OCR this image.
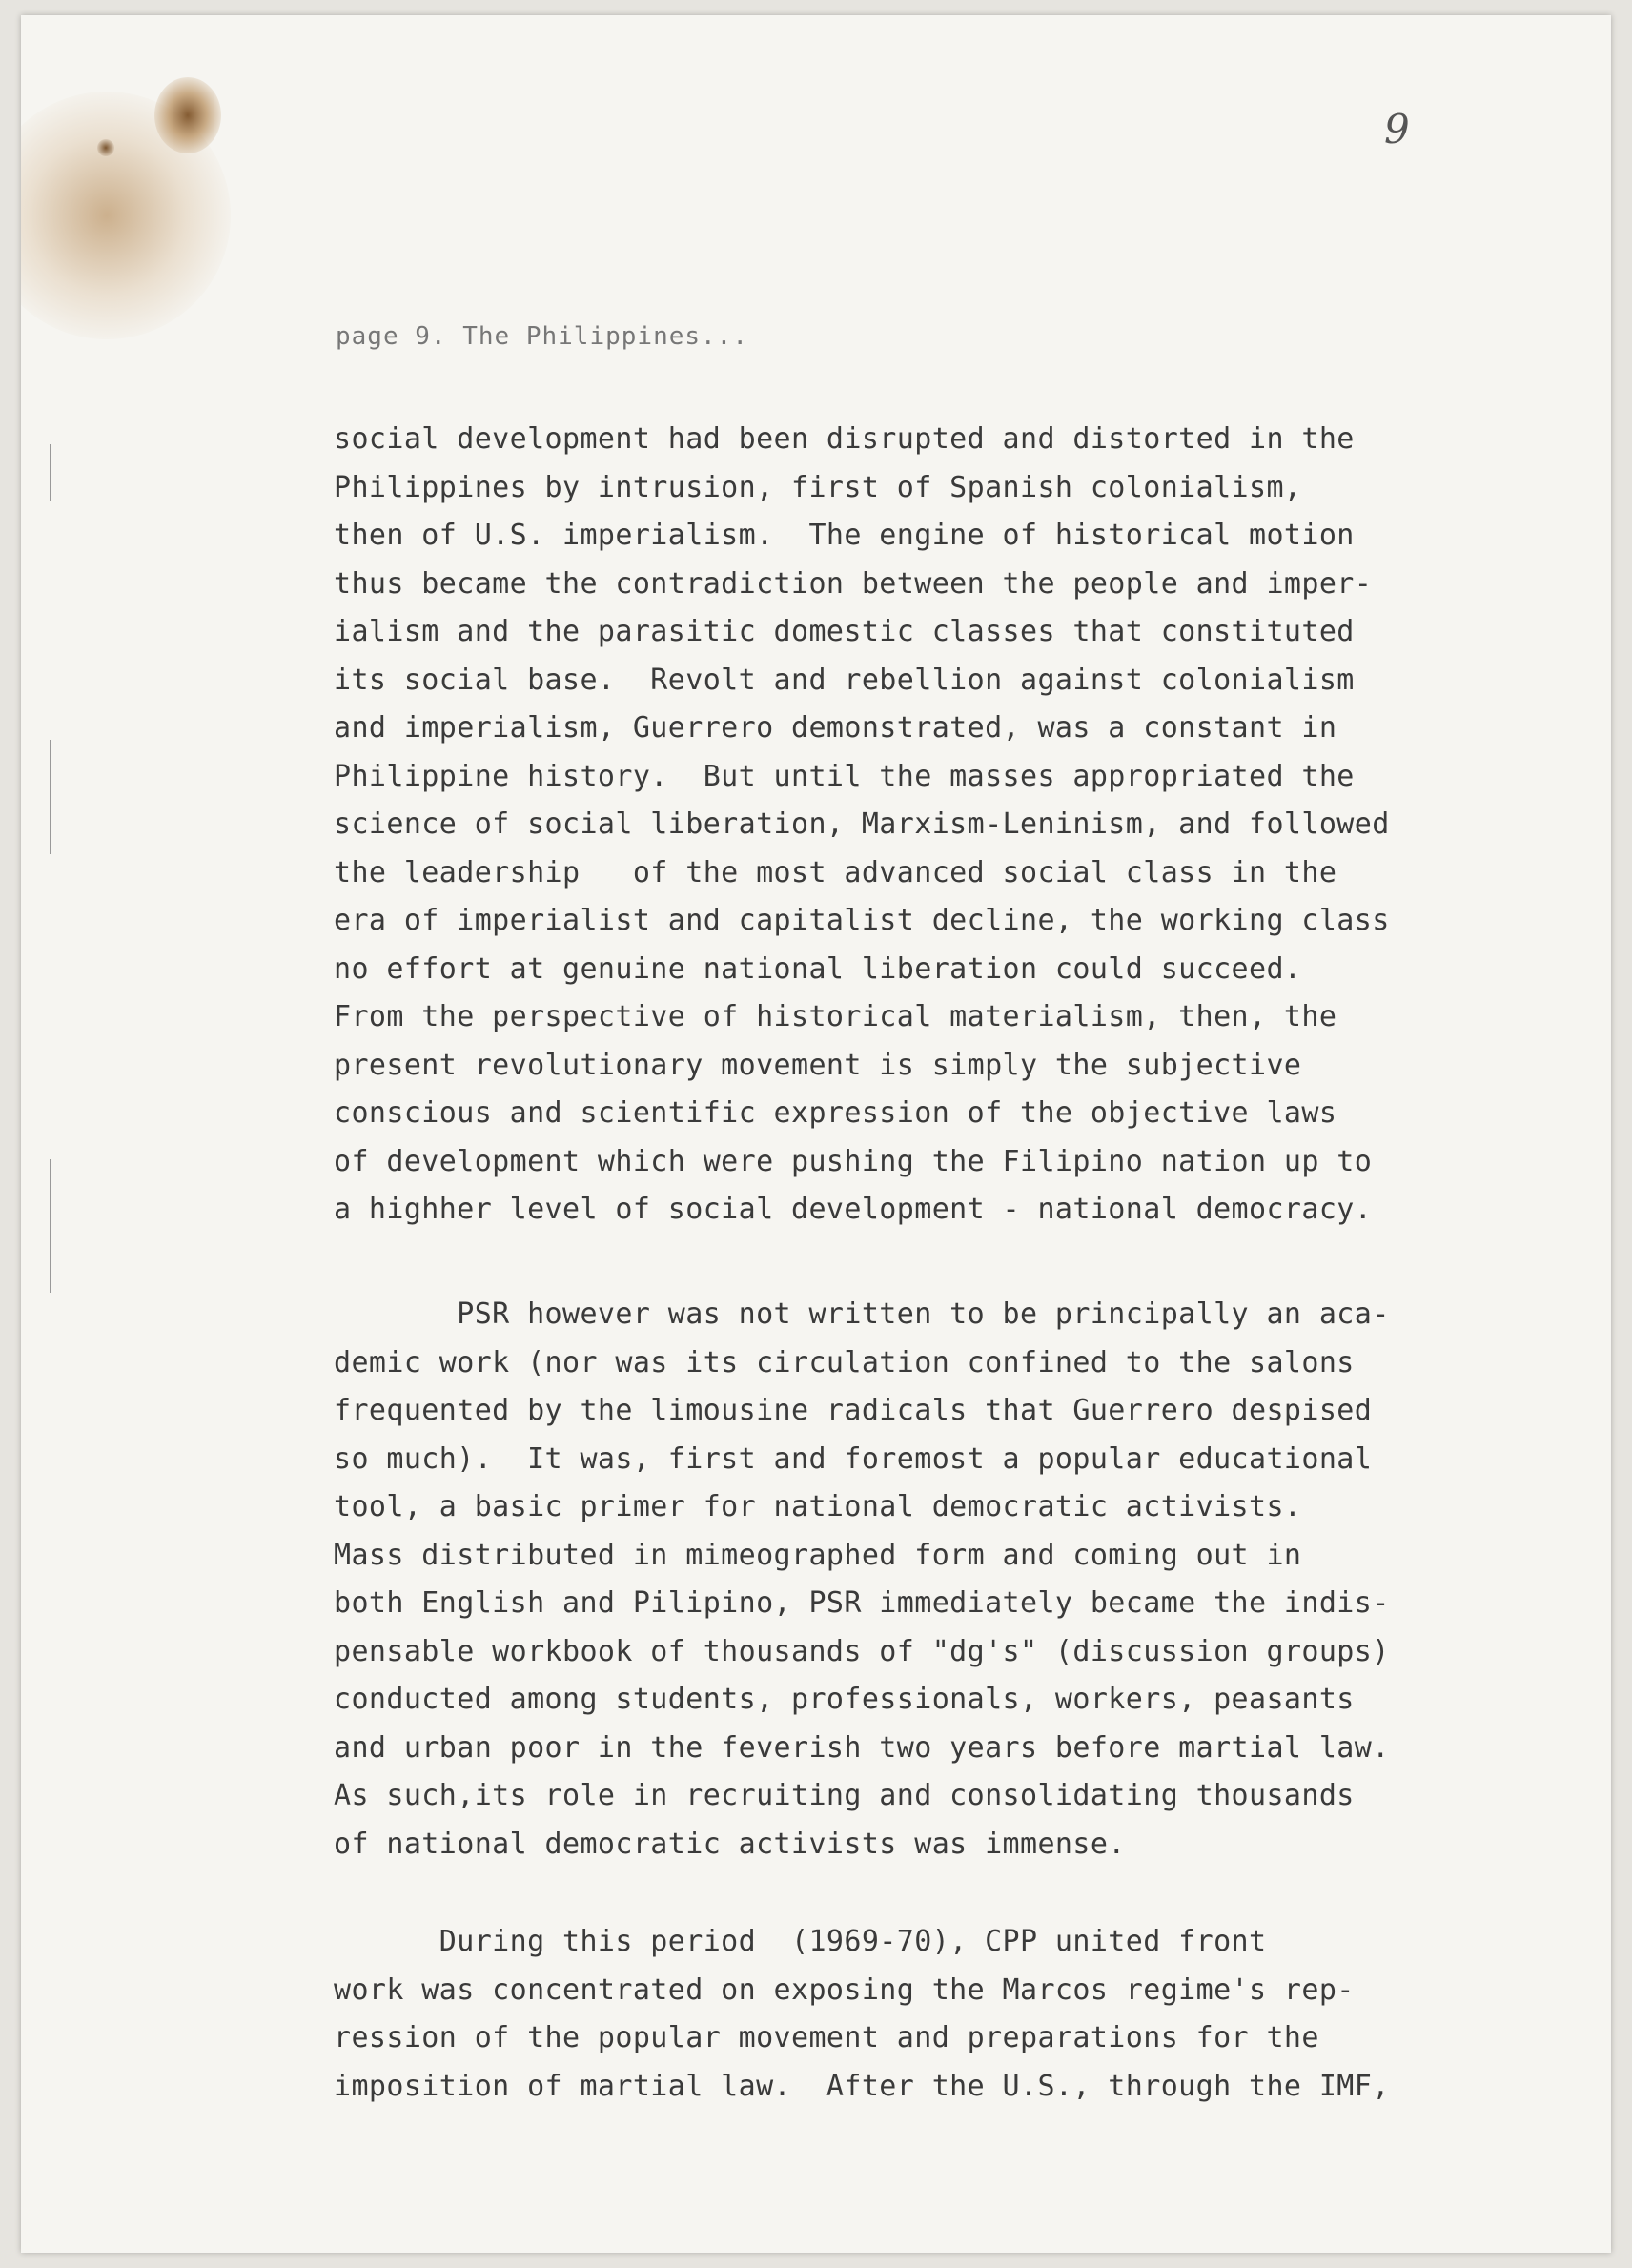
9
page 9. The Philippines...
social development had been disrupted and distorted in the
Philippines by intrusion, first of Spanish colonialism,
then of U.S. imperialism.  The engine of historical motion
thus became the contradiction between the people and imper-
ialism and the parasitic domestic classes that constituted
its social base.  Revolt and rebellion against colonialism
and imperialism, Guerrero demonstrated, was a constant in
Philippine history.  But until the masses appropriated the
science of social liberation, Marxism-Leninism, and followed
the leadership   of the most advanced social class in the
era of imperialist and capitalist decline, the working class
no effort at genuine national liberation could succeed.
From the perspective of historical materialism, then, the
present revolutionary movement is simply the subjective
conscious and scientific expression of the objective laws
of development which were pushing the Filipino nation up to
a highher level of social development - national democracy.
PSR however was not written to be principally an aca-
demic work (nor was its circulation confined to the salons
frequented by the limousine radicals that Guerrero despised
so much).  It was, first and foremost a popular educational
tool, a basic primer for national democratic activists.
Mass distributed in mimeographed form and coming out in
both English and Pilipino, PSR immediately became the indis-
pensable workbook of thousands of "dg's" (discussion groups)
conducted among students, professionals, workers, peasants
and urban poor in the feverish two years before martial law.
As such,its role in recruiting and consolidating thousands
of national democratic activists was immense.
During this period  (1969-70), CPP united front
work was concentrated on exposing the Marcos regime's rep-
ression of the popular movement and preparations for the
imposition of martial law.  After the U.S., through the IMF,
